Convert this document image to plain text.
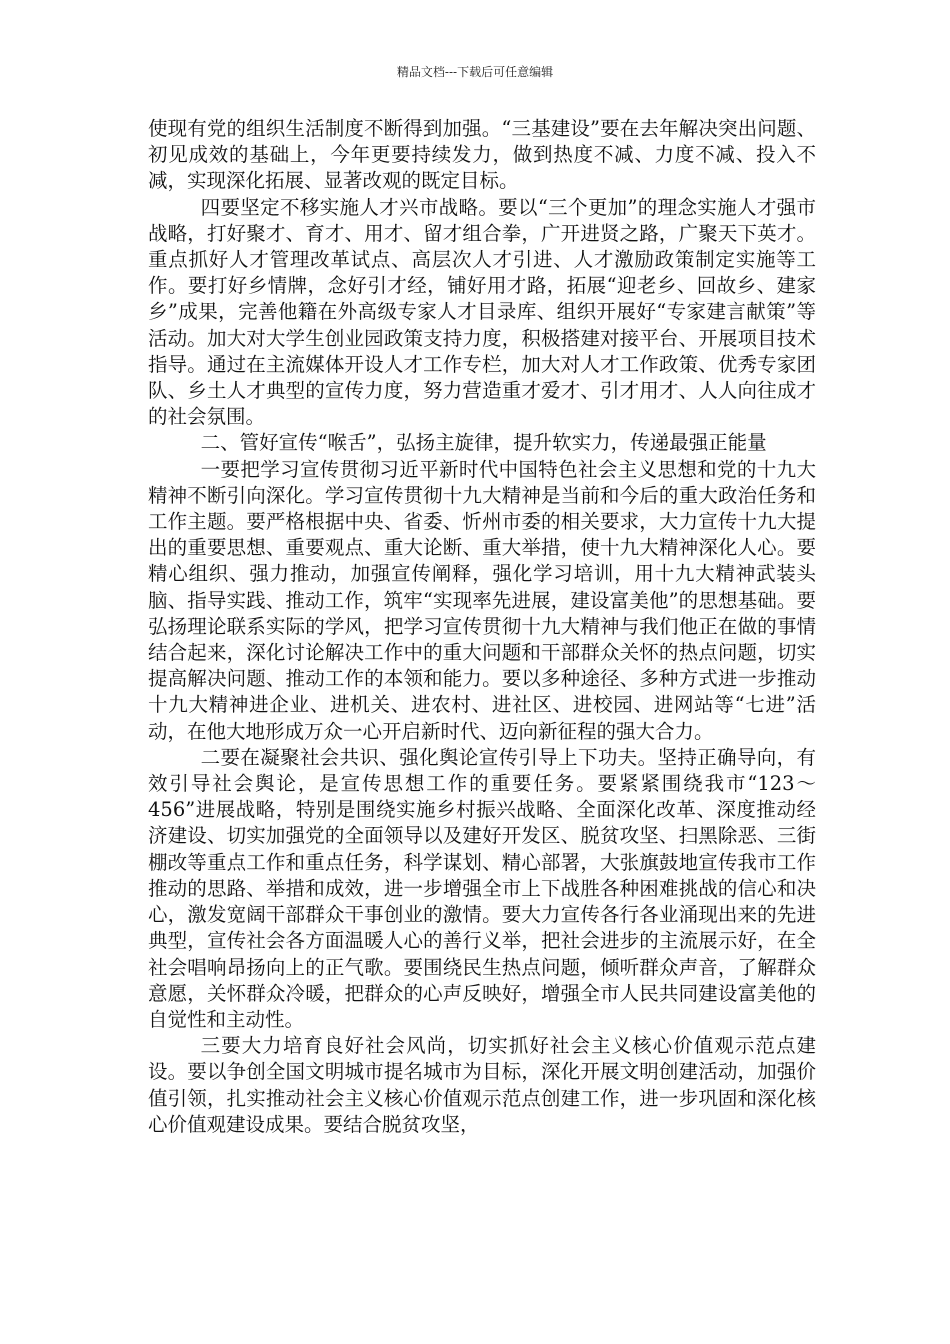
精品文档---下载后可任意编辑

使现有党的组织生活制度不断得到加强。“三基建设”要在去年解决突出问题、初见成效的基础上，今年更要持续发力，做到热度不减、力度不减、投入不减，实现深化拓展、显著改观的既定目标。

四要坚定不移实施人才兴市战略。要以“三个更加”的理念实施人才强市战略，打好聚才、育才、用才、留才组合拳，广开进贤之路，广聚天下英才。重点抓好人才管理改革试点、高层次人才引进、人才激励政策制定实施等工作。要打好乡情牌，念好引才经，铺好用才路，拓展“迎老乡、回故乡、建家乡”成果，完善他籍在外高级专家人才目录库、组织开展好“专家建言献策”等活动。加大对大学生创业园政策支持力度，积极搭建对接平台、开展项目技术指导。通过在主流媒体开设人才工作专栏，加大对人才工作政策、优秀专家团队、乡土人才典型的宣传力度，努力营造重才爱才、引才用才、人人向往成才的社会氛围。

二、管好宣传“喉舌”，弘扬主旋律，提升软实力，传递最强正能量

一要把学习宣传贯彻习近平新时代中国特色社会主义思想和党的十九大精神不断引向深化。学习宣传贯彻十九大精神是当前和今后的重大政治任务和工作主题。要严格根据中央、省委、忻州市委的相关要求，大力宣传十九大提出的重要思想、重要观点、重大论断、重大举措，使十九大精神深化人心。要精心组织、强力推动，加强宣传阐释，强化学习培训，用十九大精神武装头脑、指导实践、推动工作，筑牢“实现率先进展，建设富美他”的思想基础。要弘扬理论联系实际的学风，把学习宣传贯彻十九大精神与我们他正在做的事情结合起来，深化讨论解决工作中的重大问题和干部群众关怀的热点问题，切实提高解决问题、推动工作的本领和能力。要以多种途径、多种方式进一步推动十九大精神进企业、进机关、进农村、进社区、进校园、进网站等“七进”活动，在他大地形成万众一心开启新时代、迈向新征程的强大合力。

二要在凝聚社会共识、强化舆论宣传引导上下功夫。坚持正确导向，有效引导社会舆论，是宣传思想工作的重要任务。要紧紧围绕我市“123～456”进展战略，特别是围绕实施乡村振兴战略、全面深化改革、深度推动经济建设、切实加强党的全面领导以及建好开发区、脱贫攻坚、扫黑除恶、三街棚改等重点工作和重点任务，科学谋划、精心部署，大张旗鼓地宣传我市工作推动的思路、举措和成效，进一步增强全市上下战胜各种困难挑战的信心和决心，激发宽阔干部群众干事创业的激情。要大力宣传各行各业涌现出来的先进典型，宣传社会各方面温暖人心的善行义举，把社会进步的主流展示好，在全社会唱响昂扬向上的正气歌。要围绕民生热点问题，倾听群众声音，了解群众意愿，关怀群众冷暖，把群众的心声反映好，增强全市人民共同建设富美他的自觉性和主动性。

三要大力培育良好社会风尚，切实抓好社会主义核心价值观示范点建设。要以争创全国文明城市提名城市为目标，深化开展文明创建活动，加强价值引领，扎实推动社会主义核心价值观示范点创建工作，进一步巩固和深化核心价值观建设成果。要结合脱贫攻坚，
